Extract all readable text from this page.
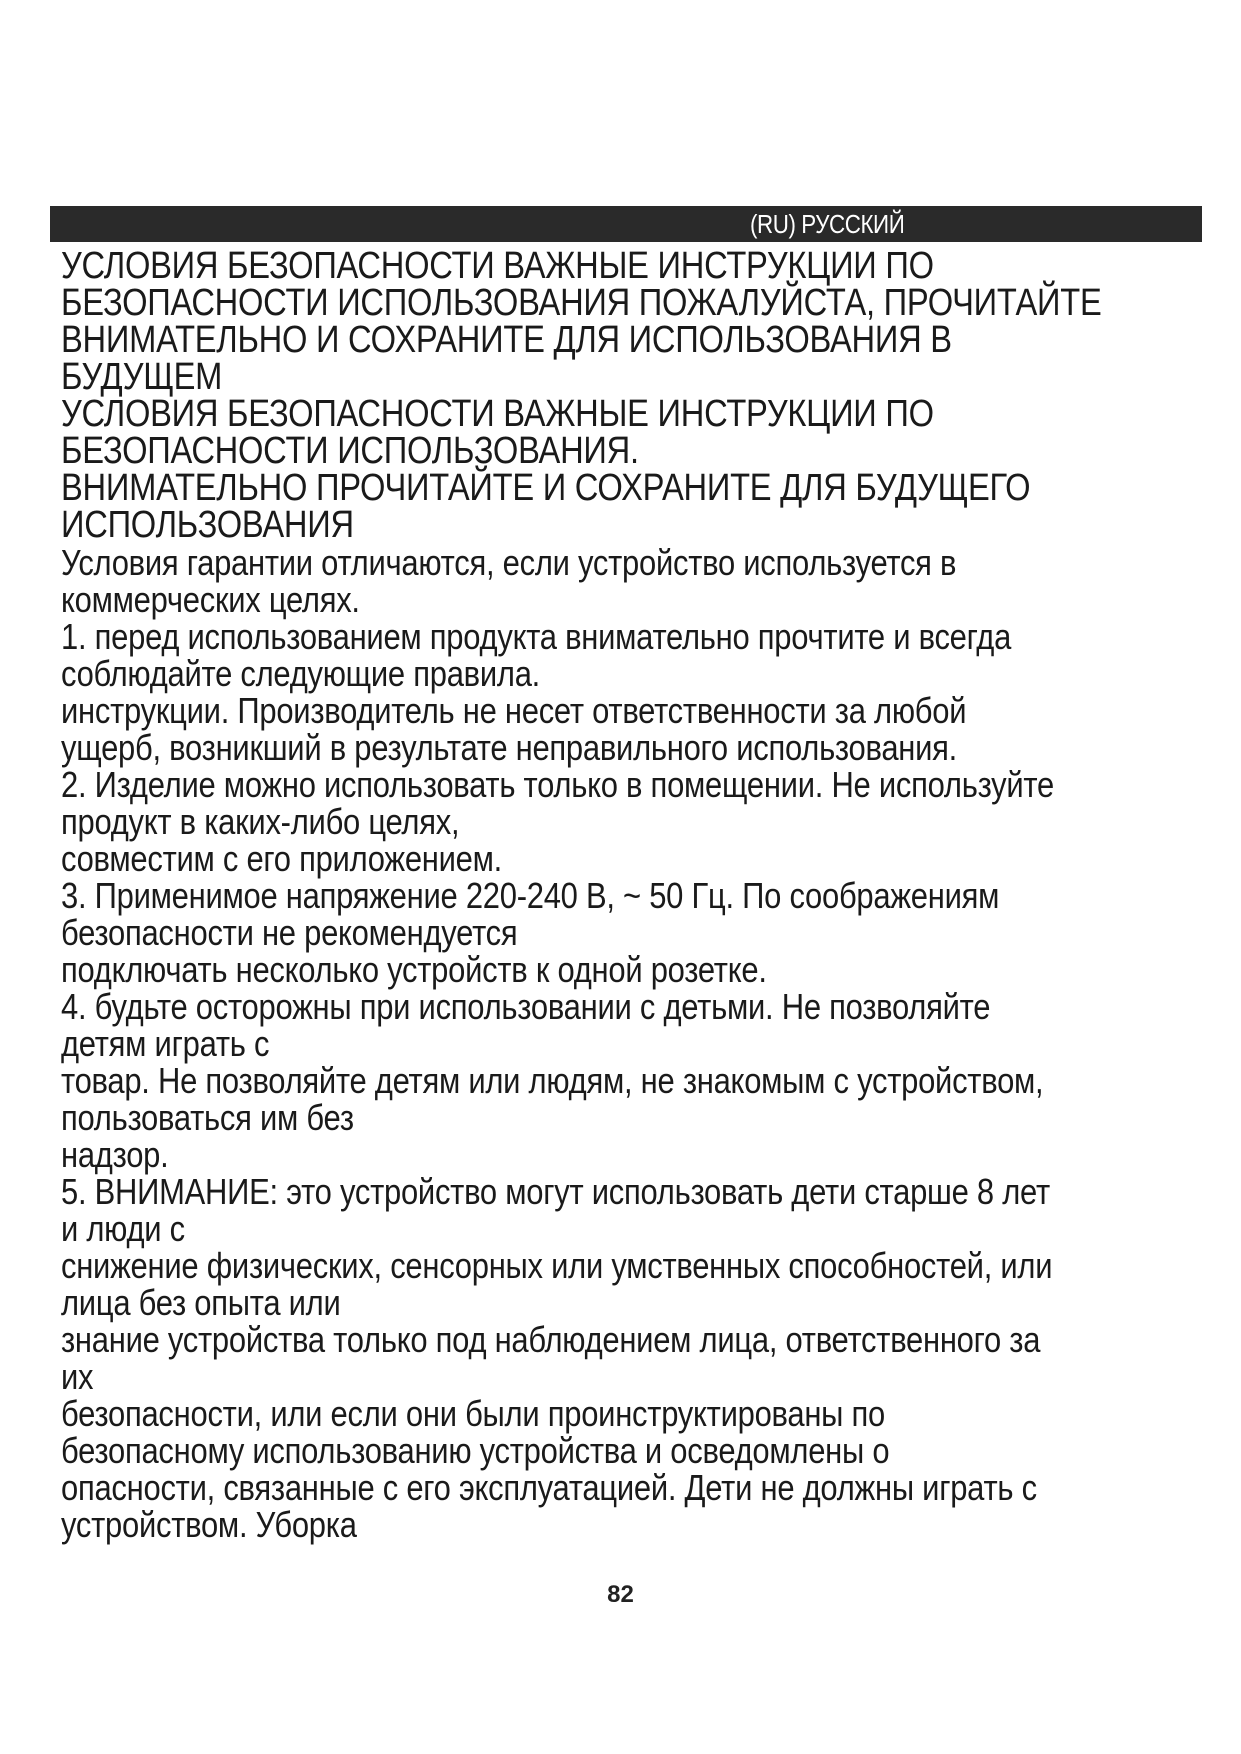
(RU) РУССКИЙ
УСЛОВИЯ БЕЗОПАСНОСТИ ВАЖНЫЕ ИНСТРУКЦИИ ПО
БЕЗОПАСНОСТИ ИСПОЛЬЗОВАНИЯ ПОЖАЛУЙСТА, ПРОЧИТАЙТЕ
ВНИМАТЕЛЬНО И СОХРАНИТЕ ДЛЯ ИСПОЛЬЗОВАНИЯ В
БУДУЩЕМ
УСЛОВИЯ БЕЗОПАСНОСТИ ВАЖНЫЕ ИНСТРУКЦИИ ПО
БЕЗОПАСНОСТИ ИСПОЛЬЗОВАНИЯ.
ВНИМАТЕЛЬНО ПРОЧИТАЙТЕ И СОХРАНИТЕ ДЛЯ БУДУЩЕГО
ИСПОЛЬЗОВАНИЯ
Условия гарантии отличаются, если устройство используется в
коммерческих целях.
1. перед использованием продукта внимательно прочтите и всегда
соблюдайте следующие правила.
инструкции. Производитель не несет ответственности за любой
ущерб, возникший в результате неправильного использования.
2. Изделие можно использовать только в помещении. Не используйте
продукт в каких-либо целях,
совместим с его приложением.
3. Применимое напряжение 220-240 В, ~ 50 Гц. По соображениям
безопасности не рекомендуется
подключать несколько устройств к одной розетке.
4. будьте осторожны при использовании с детьми. Не позволяйте
детям играть с
товар. Не позволяйте детям или людям, не знакомым с устройством,
пользоваться им без
надзор.
5. ВНИМАНИЕ: это устройство могут использовать дети старше 8 лет
и люди с
снижение физических, сенсорных или умственных способностей, или
лица без опыта или
знание устройства только под наблюдением лица, ответственного за
их
безопасности, или если они были проинструктированы по
безопасному использованию устройства и осведомлены о
опасности, связанные с его эксплуатацией. Дети не должны играть с
устройством. Уборка
82
